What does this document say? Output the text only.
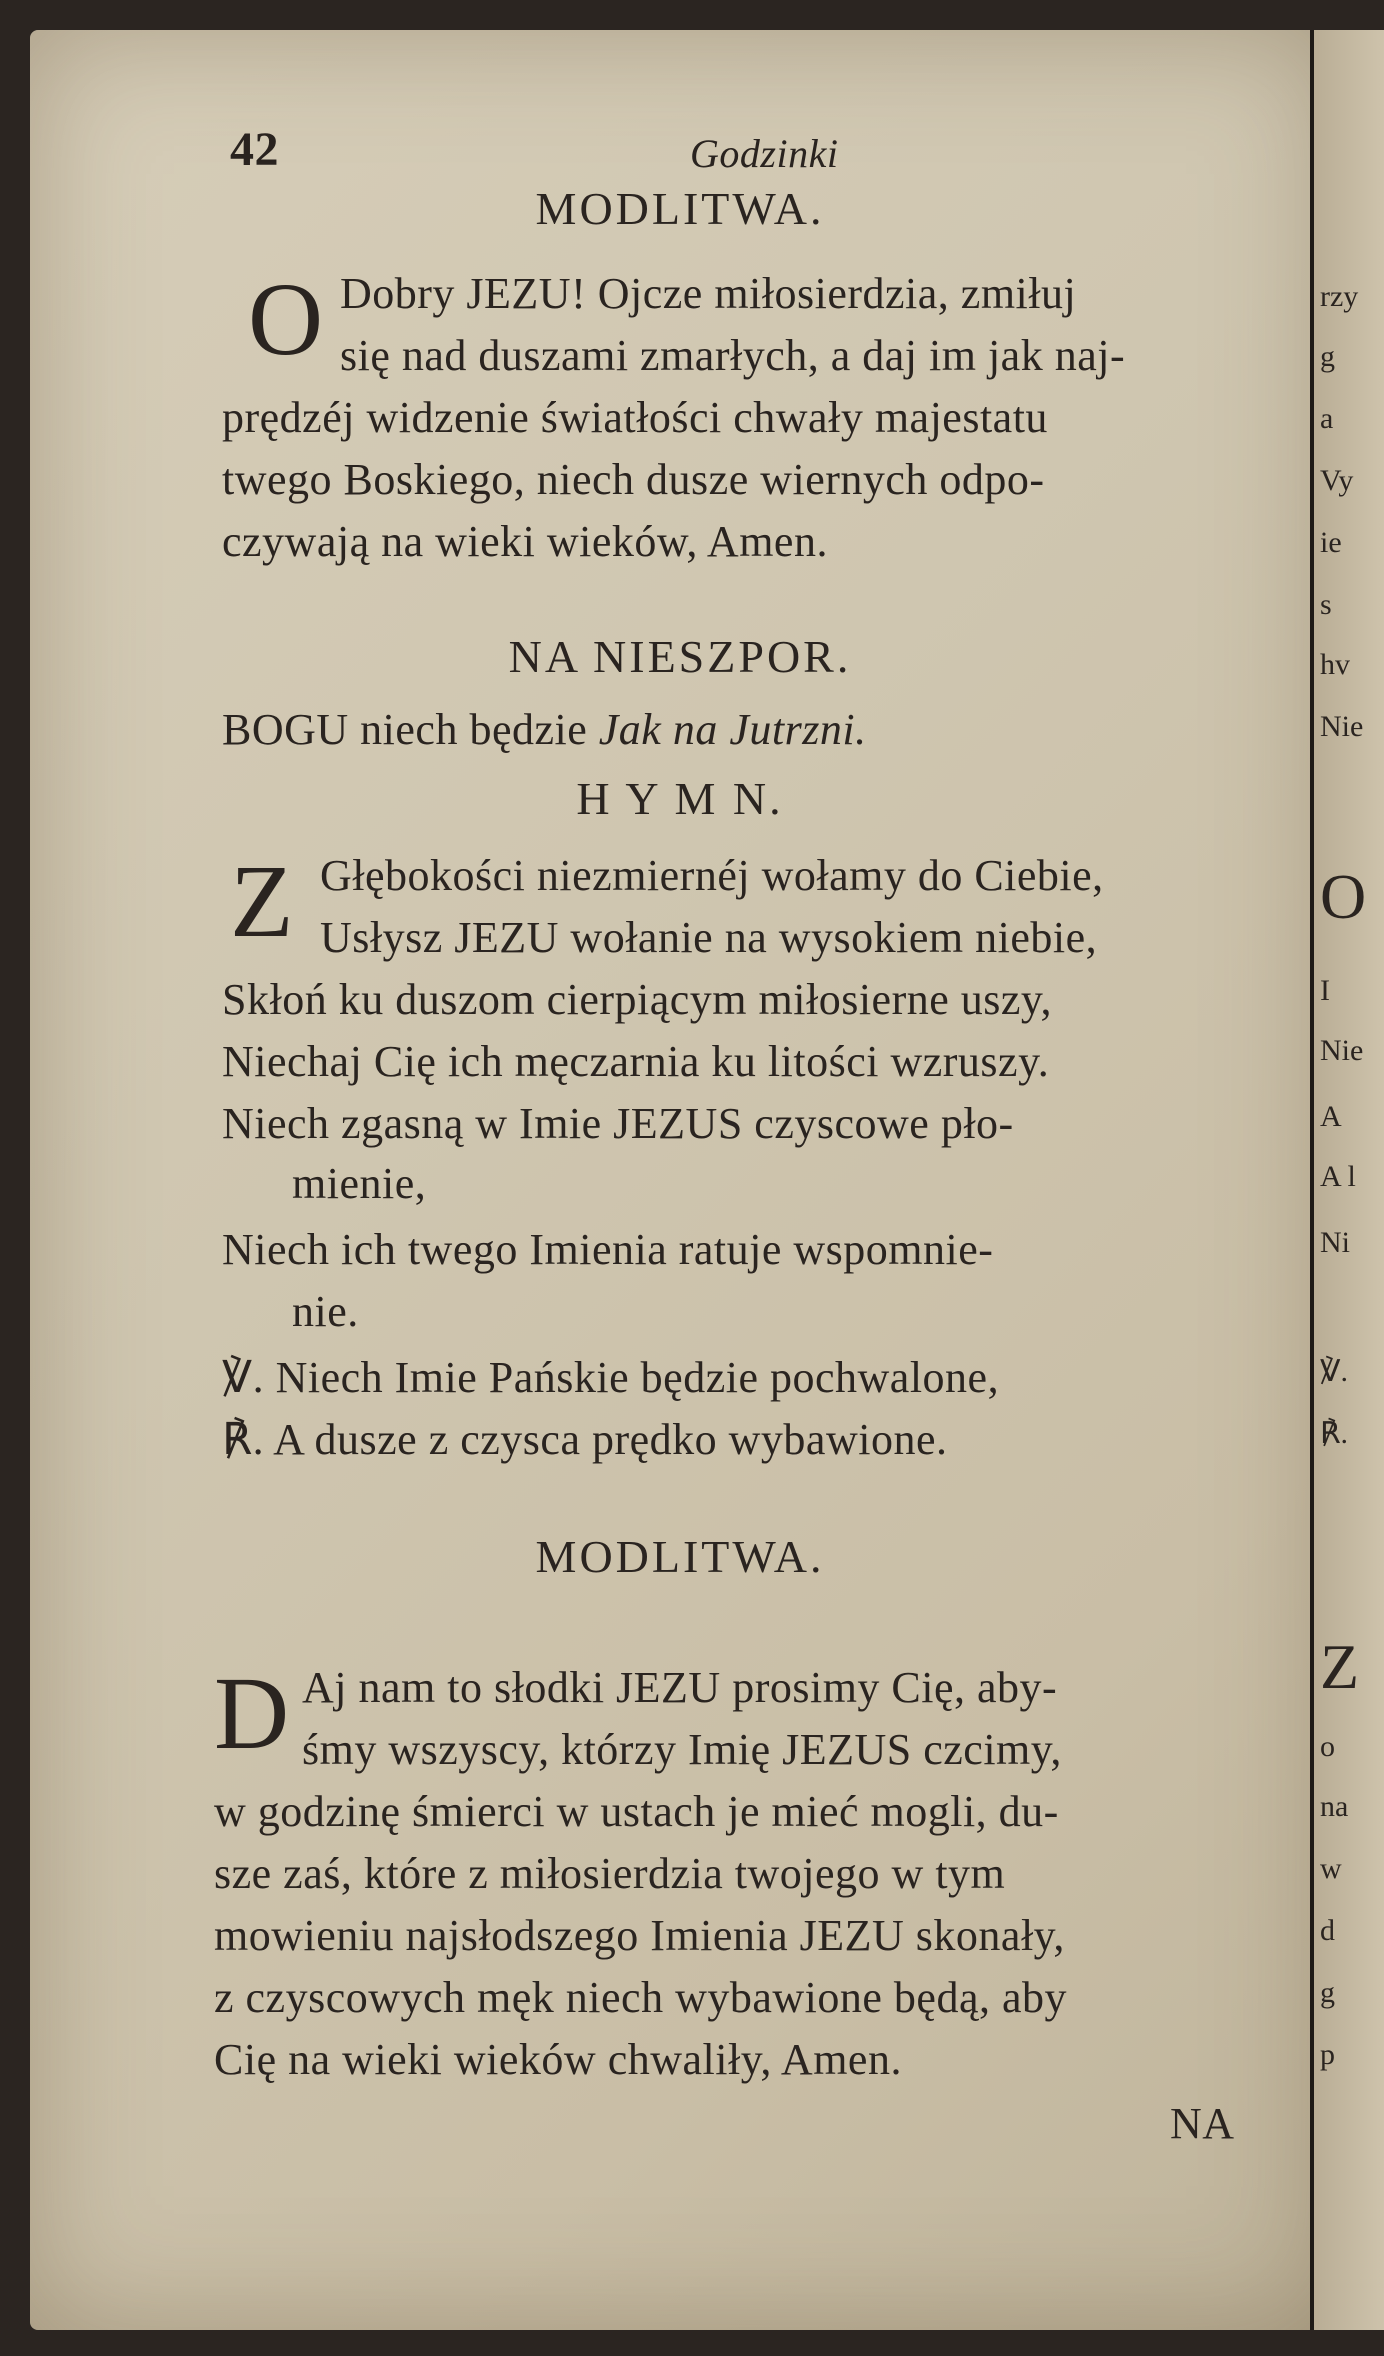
42	Godzinki
MODLITWA.
O Dobry JEZU! Ojcze miłosierdzia, zmiłuj
się nad duszami zmarłych, a daj im jak naj-
prędzéj widzenie światłości chwały majestatu
twego Boskiego, niech dusze wiernych odpo-
czywają na wieki wieków, Amen.
NA NIESZPOR.
BOGU niech będzie Jak na Jutrzni.
H Y M N.
Z Głębokości niezmiernéj wołamy do Ciebie,
Usłysz JEZU wołanie na wysokiem niebie,
Skłoń ku duszom cierpiącym miłosierne uszy,
Niechaj Cię ich męczarnia ku litości wzruszy.
Niech zgasną w Imie JEZUS czyscowe pło-
mienie,
Niech ich twego Imienia ratuje wspomnie-
nie.
℣. Niech Imie Pańskie będzie pochwalone,
℟. A dusze z czysca prędko wybawione.
MODLITWA.
D Aj nam to słodki JEZU prosimy Cię, aby-
śmy wszyscy, którzy Imię JEZUS czcimy,
w godzinę śmierci w ustach je mieć mogli, du-
sze zaś, które z miłosierdzia twojego w tym
mowieniu najsłodszego Imienia JEZU skonały,
z czyscowych męk niech wybawione będą, aby
Cię na wieki wieków chwaliły, Amen.
NA
rzy
g
a
Vy
ie
s
hv
Nie
O
I
Nie
A
A l
Ni
℣.
℟.
Z
o
na
w
d
g
p
